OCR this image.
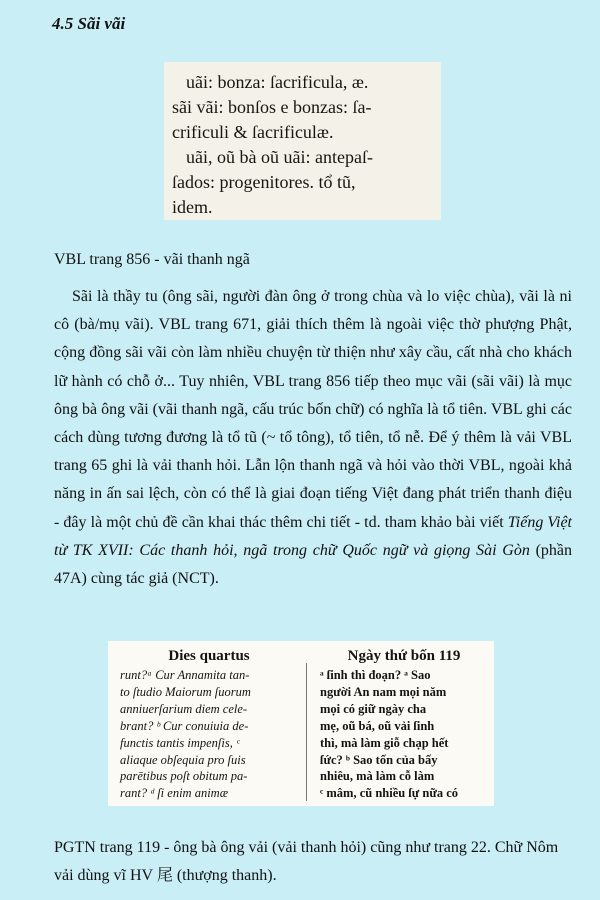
4.5 Sãi vãi
uãi: bonza: ſacrificula, æ.
sãi vãi: bonſos e bonzas: ſa-
crificuli & ſacrificulæ.
uãi, oũ bà oũ uãi: antepaſ-
ſados: progenitores. tổ tũ,
idem.
VBL trang 856 - vãi thanh ngã

Sãi là thầy tu (ông sãi, người đàn ông ở trong chùa và lo việc chùa), vãi là ni cô (bà/mụ vãi). VBL trang 671, giải thích thêm là ngoài việc thờ phượng Phật, cộng đồng sãi vãi còn làm nhiều chuyện từ thiện như xây cầu, cất nhà cho khách lữ hành có chỗ ở... Tuy nhiên, VBL trang 856 tiếp theo mục vãi (sãi vãi) là mục ông bà ông vãi (vãi thanh ngã, cấu trúc bốn chữ) có nghĩa là tổ tiên. VBL ghi các cách dùng tương đương là tổ tũ (~ tổ tông), tổ tiên, tổ nễ. Để ý thêm là vải VBL trang 65 ghi là vải thanh hỏi. Lẫn lộn thanh ngã và hỏi vào thời VBL, ngoài khả năng in ấn sai lệch, còn có thể là giai đoạn tiếng Việt đang phát triển thanh điệu - đây là một chủ đề cần khai thác thêm chi tiết - td. tham khảo bài viết Tiếng Việt từ TK XVII: Các thanh hỏi, ngã trong chữ Quốc ngữ và giọng Sài Gòn (phần 47A) cùng tác giả (NCT).

Dies quartus
runt?ᵃ Cur Annamita tan-
to ſtudio Maiorum ſuorum
anniuerſarium diem cele-
brant? ᵇ Cur conuiuia de-
functis tantis impenſis, ᶜ
aliaque obſequia pro ſuis
parētibus poſt obitum pa-
rant? ᵈ ſi enim animæ
Ngày thứ bốn 119
ᵃ ſinh thì đoạn? ᵃ Sao
người An nam mọi năm
mọi có giữ ngày cha
mẹ, oũ bá, oũ vải ſinh
thì, mà làm giỗ chạp hết
ſức? ᵇ Sao tốn của bấy
nhiêu, mà làm cỗ làm
ᶜ mâm, cũ nhiều ſự nữa có

PGTN trang 119 - ông bà ông vải (vải thanh hỏi) cũng như trang 22. Chữ Nôm vải dùng vĩ HV 尾 (thượng thanh).
